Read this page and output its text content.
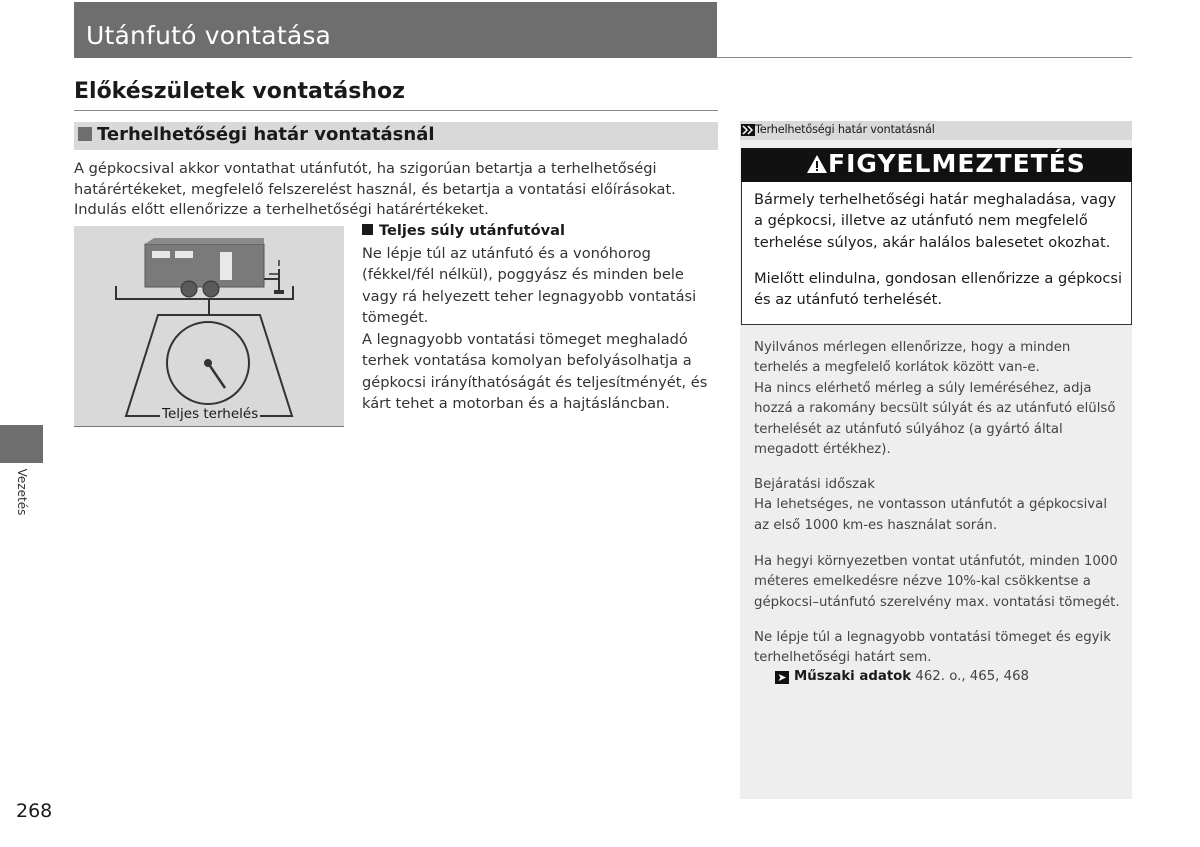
Utánfutó vontatása
Előkészületek vontatáshoz
Terhelhetőségi határ vontatásnál
A gépkocsival akkor vontathat utánfutót, ha szigorúan betartja a terhelhetőségi határértékeket, megfelelő felszerelést használ, és betartja a vontatási előírásokat. Indulás előtt ellenőrizze a terhelhetőségi határértékeket.
Teljes terhelés
Teljes súly utánfutóval
Ne lépje túl az utánfutó és a vonóhorog (fékkel/fél nélkül), poggyász és minden bele vagy rá helyezett teher legnagyobb vontatási tömegét.
A legnagyobb vontatási tömeget meghaladó terhek vontatása komolyan befolyásolhatja a gépkocsi irányíthatóságát és teljesítményét, és kárt tehet a motorban és a hajtásláncban.
Vezetés
268
Terhelhetőségi határ vontatásnál
FIGYELMEZTETÉS
Bármely terhelhetőségi határ meghaladása, vagy a gépkocsi, illetve az utánfutó nem megfelelő terhelése súlyos, akár halálos balesetet okozhat.
Mielőtt elindulna, gondosan ellenőrizze a gépkocsi és az utánfutó terhelését.
Nyilvános mérlegen ellenőrizze, hogy a minden terhelés a megfelelő korlátok között van-e.
Ha nincs elérhető mérleg a súly leméréséhez, adja hozzá a rakomány becsült súlyát és az utánfutó elülső terhelését az utánfutó súlyához (a gyártó által megadott értékhez).
Bejáratási időszak
Ha lehetséges, ne vontasson utánfutót a gépkocsival az első 1000 km-es használat során.
Ha hegyi környezetben vontat utánfutót, minden 1000 méteres emelkedésre nézve 10%-kal csökkentse a gépkocsi–utánfutó szerelvény max. vontatási tömegét.
Ne lépje túl a legnagyobb vontatási tömeget és egyik terhelhetőségi határt sem.
➤ Műszaki adatok 462. o., 465, 468
